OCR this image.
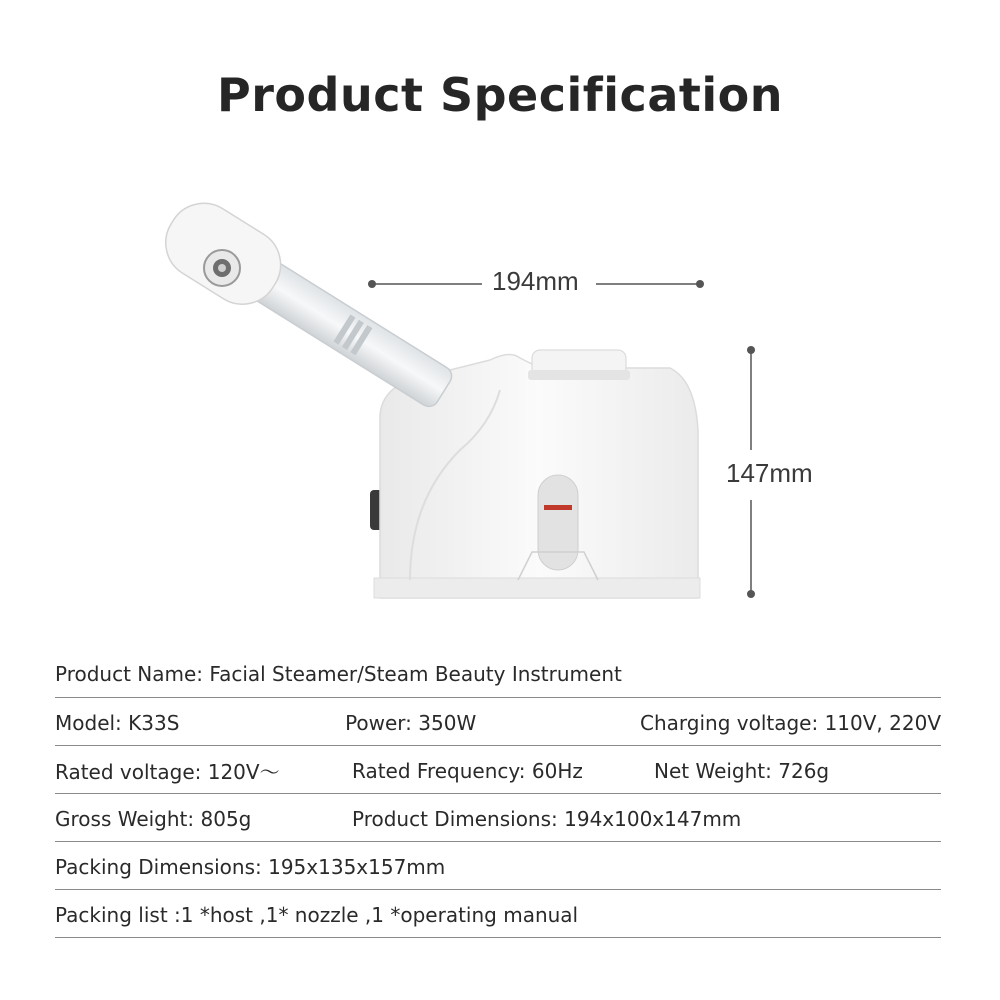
Product Specification
194mm
147mm
Product Name: Facial Steamer/Steam Beauty Instrument
Model: K33S	Power: 350W	Charging voltage: 110V, 220V
Rated voltage: 120V〜	Rated Frequency: 60Hz	Net Weight: 726g
Gross Weight: 805g	Product Dimensions: 194x100x147mm
Packing Dimensions: 195x135x157mm
Packing list :1 *host ,1* nozzle ,1 *operating manual
